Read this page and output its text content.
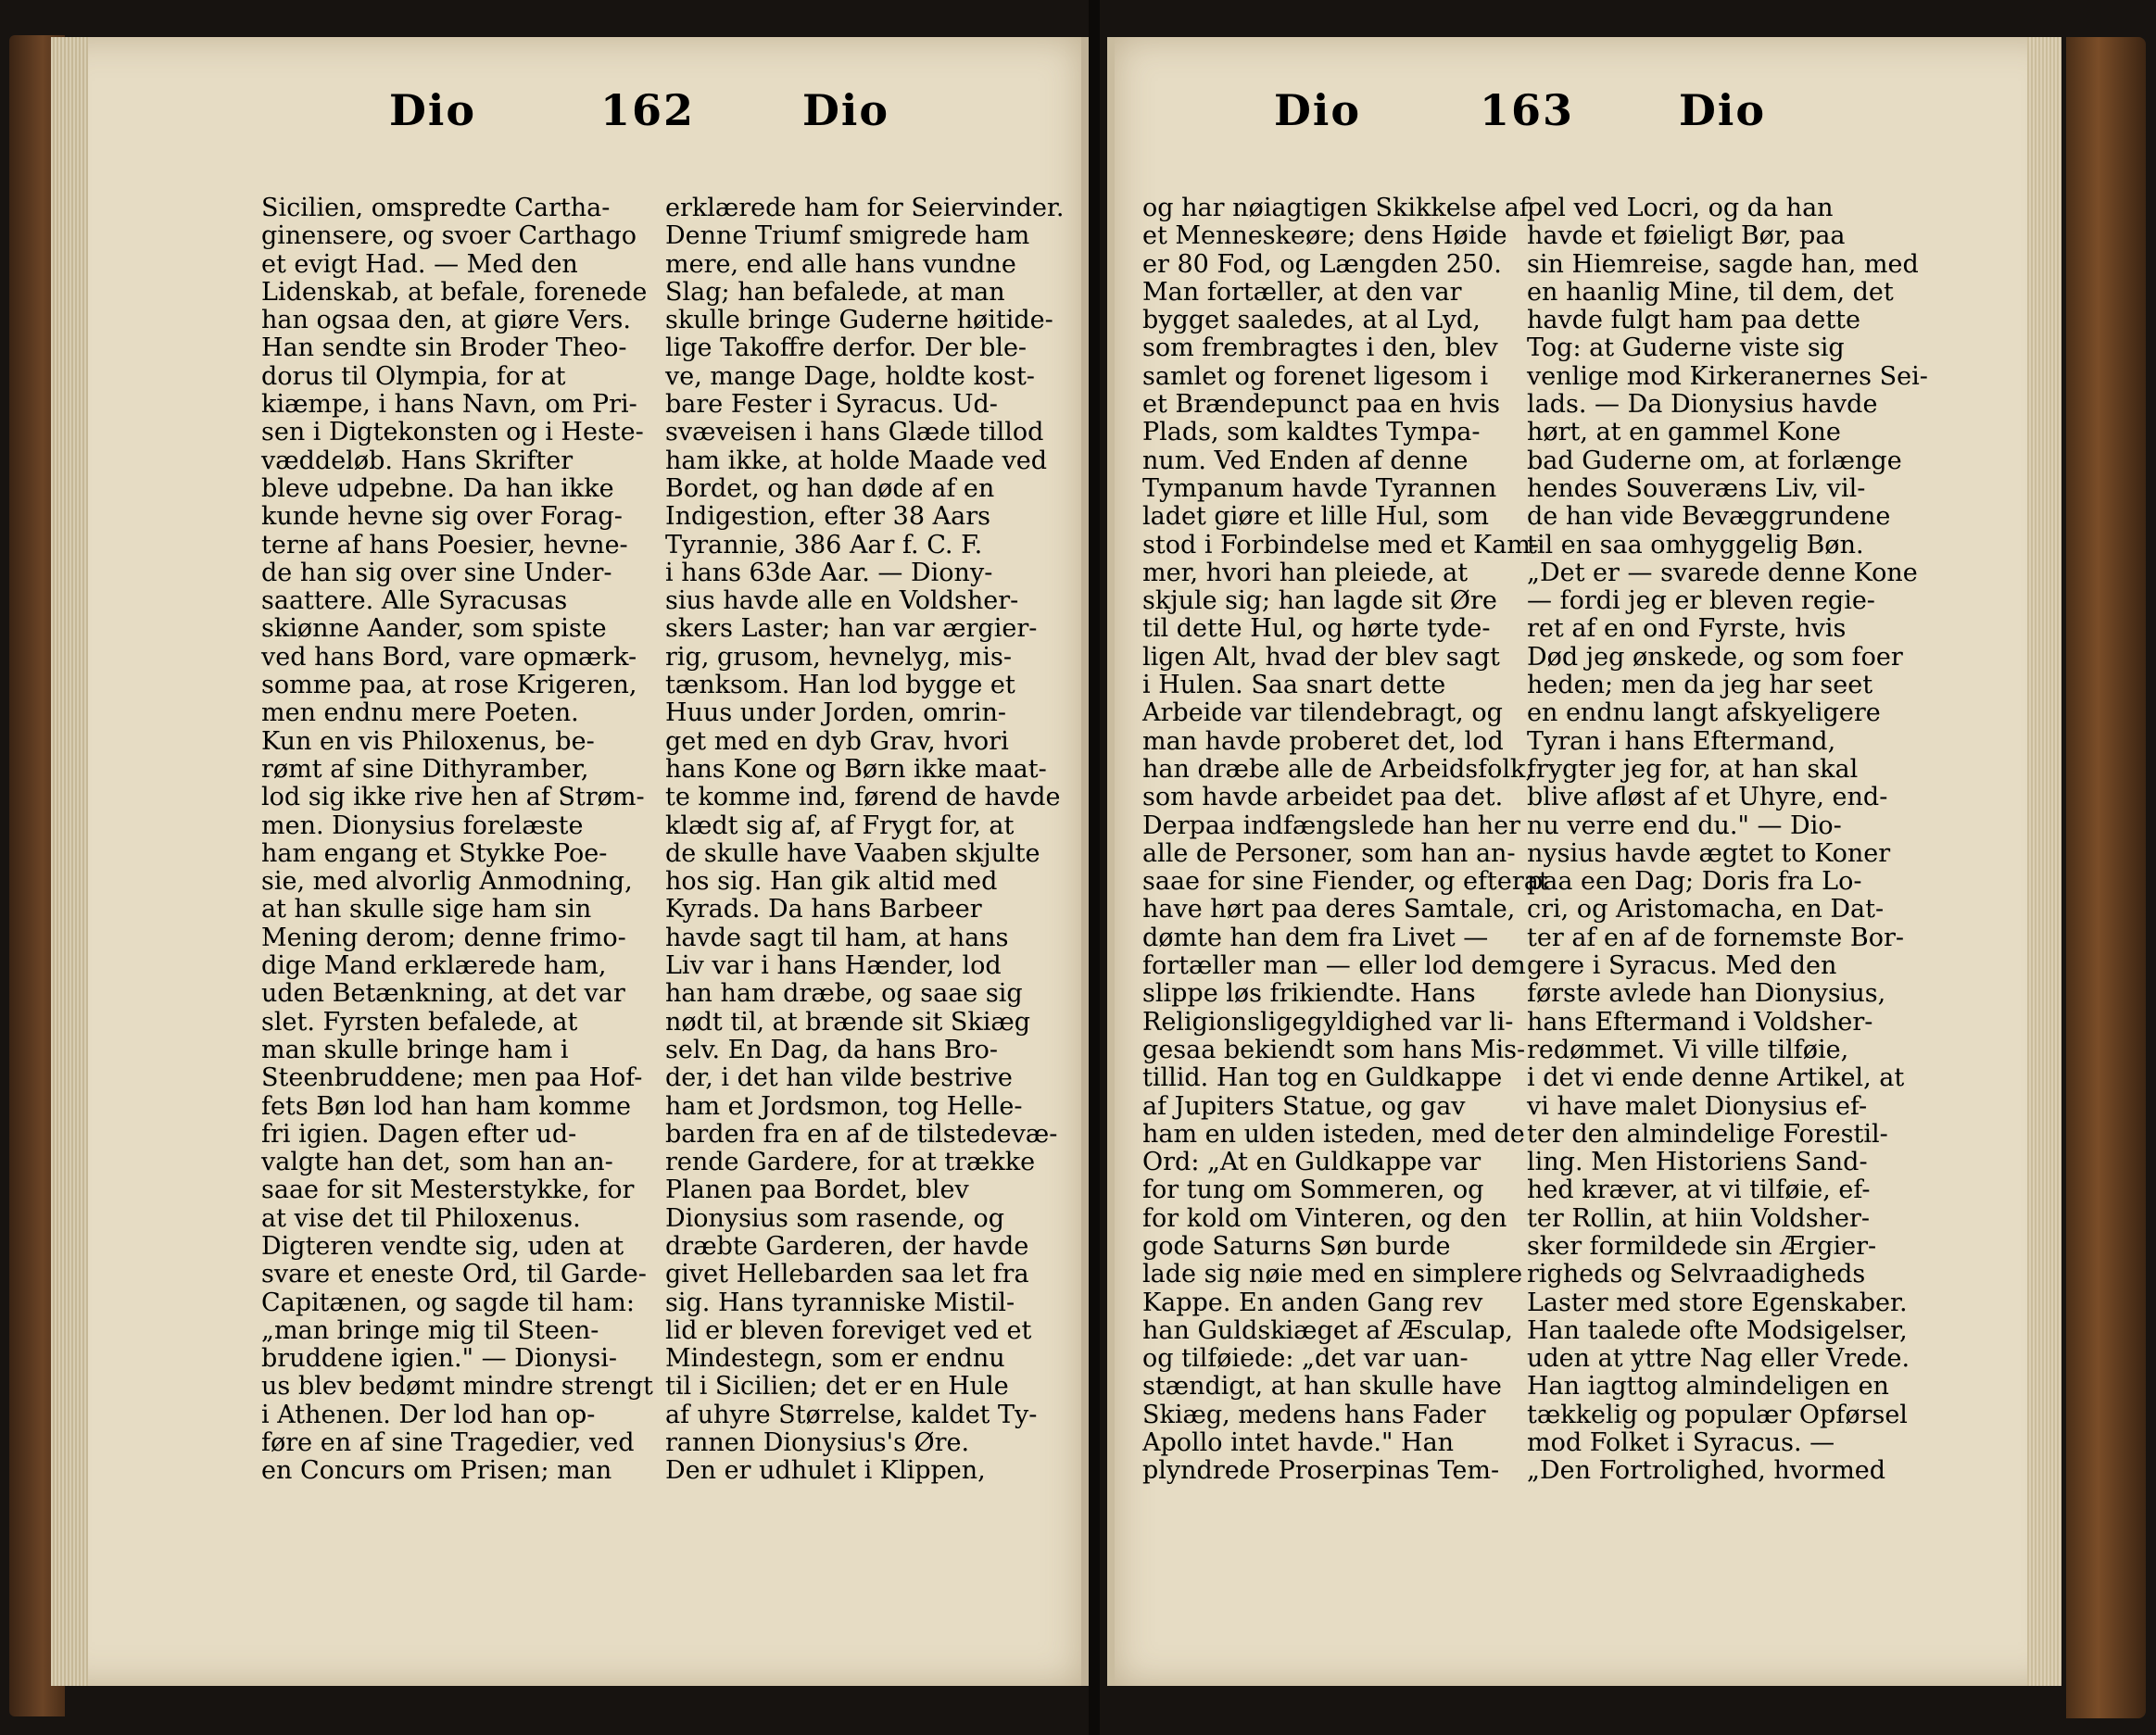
Dio	162	Dio	Dio	163 Dio
Sicilien, omspredte Cartha-
ginensere, og svoer Carthago
et evigt Had. — Med den
Lidenskab, at befale, forenede
han ogsaa den, at giøre Vers.
Han sendte sin Broder Theo-
dorus til Olympia, for at
kiæmpe, i hans Navn, om Pri-
sen i Digtekonsten og i Heste-
væddeløb. Hans Skrifter
bleve udpebne. Da han ikke
kunde hevne sig over Forag-
terne af hans Poesier, hevne-
de han sig over sine Under-
saattere. Alle Syracusas
skiønne Aander, som spiste
ved hans Bord, vare opmærk-
somme paa, at rose Krigeren,
men endnu mere Poeten.
Kun en vis Philoxenus, be-
rømt af sine Dithyramber,
lod sig ikke rive hen af Strøm-
men. Dionysius forelæste
ham engang et Stykke Poe-
sie, med alvorlig Anmodning,
at han skulle sige ham sin
Mening derom; denne frimo-
dige Mand erklærede ham,
uden Betænkning, at det var
slet. Fyrsten befalede, at
man skulle bringe ham i
Steenbruddene; men paa Hof-
fets Bøn lod han ham komme
fri igien. Dagen efter ud-
valgte han det, som han an-
saae for sit Mesterstykke, for
at vise det til Philoxenus.
Digteren vendte sig, uden at
svare et eneste Ord, til Garde-
Capitænen, og sagde til ham:
„man bringe mig til Steen-
bruddene igien." — Dionysi-
us blev bedømt mindre strengt
i Athenen. Der lod han op-
føre en af sine Tragedier, ved
en Concurs om Prisen; man
erklærede ham for Seiervinder.
Denne Triumf smigrede ham
mere, end alle hans vundne
Slag; han befalede, at man
skulle bringe Guderne høitide-
lige Takoffre derfor. Der ble-
ve, mange Dage, holdte kost-
bare Fester i Syracus. Ud-
svæveisen i hans Glæde tillod
ham ikke, at holde Maade ved
Bordet, og han døde af en
Indigestion, efter 38 Aars
Tyrannie, 386 Aar f. C. F.
i hans 63de Aar. — Diony-
sius havde alle en Voldsher-
skers Laster; han var ærgier-
rig, grusom, hevnelyg, mis-
tænksom. Han lod bygge et
Huus under Jorden, omrin-
get med en dyb Grav, hvori
hans Kone og Børn ikke maat-
te komme ind, førend de havde
klædt sig af, af Frygt for, at
de skulle have Vaaben skjulte
hos sig. Han gik altid med
Kyrads. Da hans Barbeer
havde sagt til ham, at hans
Liv var i hans Hænder, lod
han ham dræbe, og saae sig
nødt til, at brænde sit Skiæg
selv. En Dag, da hans Bro-
der, i det han vilde bestrive
ham et Jordsmon, tog Helle-
barden fra en af de tilstedevæ-
rende Gardere, for at trække
Planen paa Bordet, blev
Dionysius som rasende, og
dræbte Garderen, der havde
givet Hellebarden saa let fra
sig. Hans tyranniske Mistil-
lid er bleven foreviget ved et
Mindestegn, som er endnu
til i Sicilien; det er en Hule
af uhyre Størrelse, kaldet Ty-
rannen Dionysius's Øre.
Den er udhulet i Klippen,
og har nøiagtigen Skikkelse af
et Menneskeøre; dens Høide
er 80 Fod, og Længden 250.
Man fortæller, at den var
bygget saaledes, at al Lyd,
som frembragtes i den, blev
samlet og forenet ligesom i
et Brændepunct paa en hvis
Plads, som kaldtes Tympa-
num. Ved Enden af denne
Tympanum havde Tyrannen
ladet giøre et lille Hul, som
stod i Forbindelse med et Kam-
mer, hvori han pleiede, at
skjule sig; han lagde sit Øre
til dette Hul, og hørte tyde-
ligen Alt, hvad der blev sagt
i Hulen. Saa snart dette
Arbeide var tilendebragt, og
man havde proberet det, lod
han dræbe alle de Arbeidsfolk,
som havde arbeidet paa det.
Derpaa indfængslede han her
alle de Personer, som han an-
saae for sine Fiender, og efterat
have hørt paa deres Samtale,
dømte han dem fra Livet —
fortæller man — eller lod dem
slippe løs frikiendte. Hans
Religionsligegyldighed var li-
gesaa bekiendt som hans Mis-
tillid. Han tog en Guldkappe
af Jupiters Statue, og gav
ham en ulden isteden, med de
Ord: „At en Guldkappe var
for tung om Sommeren, og
for kold om Vinteren, og den
gode Saturns Søn burde
lade sig nøie med en simplere
Kappe. En anden Gang rev
han Guldskiæget af Æsculap,
og tilføiede: „det var uan-
stændigt, at han skulle have
Skiæg, medens hans Fader
Apollo intet havde." Han
plyndrede Proserpinas Tem-
pel ved Locri, og da han
havde et føieligt Bør, paa
sin Hiemreise, sagde han, med
en haanlig Mine, til dem, det
havde fulgt ham paa dette
Tog: at Guderne viste sig
venlige mod Kirkeranernes Sei-
lads. — Da Dionysius havde
hørt, at en gammel Kone
bad Guderne om, at forlænge
hendes Souveræns Liv, vil-
de han vide Bevæggrundene
til en saa omhyggelig Bøn.
„Det er — svarede denne Kone
— fordi jeg er bleven regie-
ret af en ond Fyrste, hvis
Død jeg ønskede, og som foer
heden; men da jeg har seet
en endnu langt afskyeligere
Tyran i hans Eftermand,
frygter jeg for, at han skal
blive afløst af et Uhyre, end-
nu verre end du." — Dio-
nysius havde ægtet to Koner
paa een Dag; Doris fra Lo-
cri, og Aristomacha, en Dat-
ter af en af de fornemste Bor-
gere i Syracus. Med den
første avlede han Dionysius,
hans Eftermand i Voldsher-
redømmet. Vi ville tilføie,
i det vi ende denne Artikel, at
vi have malet Dionysius ef-
ter den almindelige Forestil-
ling. Men Historiens Sand-
hed kræver, at vi tilføie, ef-
ter Rollin, at hiin Voldsher-
sker formildede sin Ærgier-
righeds og Selvraadigheds
Laster med store Egenskaber.
Han taalede ofte Modsigelser,
uden at yttre Nag eller Vrede.
Han iagttog almindeligen en
tækkelig og populær Opførsel
mod Folket i Syracus. —
„Den Fortrolighed, hvormed
